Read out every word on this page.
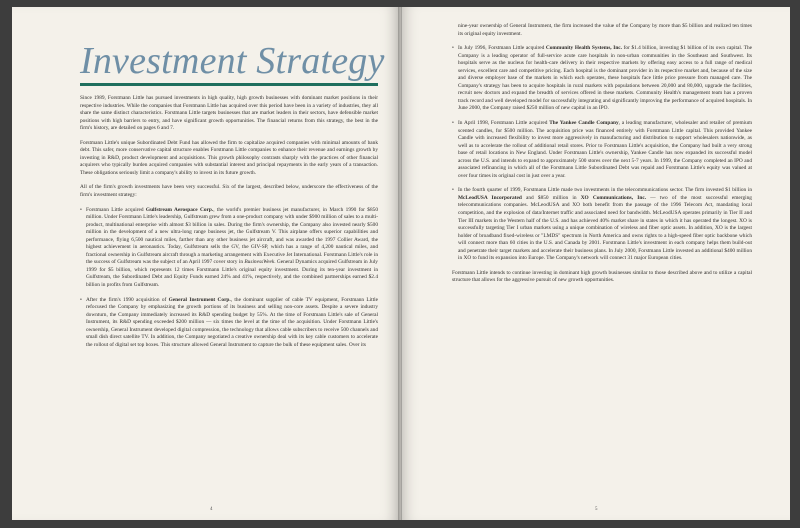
Investment Strategy

Since 1989, Forstmann Little has pursued investments in high quality, high growth businesses with dominant market positions in their respective industries. While the companies that Forstmann Little has acquired over this period have been in a variety of industries, they all share the same distinct characteristics. Forstmann Little targets businesses that are market leaders in their sectors, have defensible market positions with high barriers to entry, and have significant growth opportunities. The financial returns from this strategy, the best in the firm's history, are detailed on pages 6 and 7.

Forstmann Little's unique Subordinated Debt Fund has allowed the firm to capitalize acquired companies with minimal amounts of bank debt. This safer, more conservative capital structure enables Forstmann Little companies to enhance their revenue and earnings growth by investing in R&D, product development and acquisitions. This growth philosophy contrasts sharply with the practices of other financial acquirers who typically burden acquired companies with substantial interest and principal repayments in the early years of a transaction. These obligations seriously limit a company's ability to invest in its future growth.

All of the firm's growth investments have been very successful. Six of the largest, described below, underscore the effectiveness of the firm's investment strategy:

• Forstmann Little acquired Gulfstream Aerospace Corp., the world's premier business jet manufacturer, in March 1990 for $850 million. Under Forstmann Little's leadership, Gulfstream grew from a one-product company with under $900 million of sales to a multi-product, multinational enterprise with almost $3 billion in sales. During the firm's ownership, the Company also invested nearly $500 million in the development of a new ultra-long range business jet, the Gulfstream V. This airplane offers superior capabilities and performance, flying 6,500 nautical miles, farther than any other business jet aircraft, and was awarded the 1997 Collier Award, the highest achievement in aeronautics. Today, Gulfstream sells the GV, the GIV-SP, which has a range of 4,200 nautical miles, and fractional ownership in Gulfstream aircraft through a marketing arrangement with Executive Jet International. Forstmann Little's role in the success of Gulfstream was the subject of an April 1997 cover story in BusinessWeek. General Dynamics acquired Gulfstream in July 1999 for $5 billion, which represents 12 times Forstmann Little's original equity investment. During its ten-year investment in Gulfstream, the Subordinated Debt and Equity Funds earned 24% and 41%, respectively, and the combined partnerships earned $2.4 billion in profits from Gulfstream.
• After the firm's 1990 acquisition of General Instrument Corp., the dominant supplier of cable TV equipment, Forstmann Little refocused the Company by emphasizing the growth portions of its business and selling non-core assets. Despite a severe industry downturn, the Company immediately increased its R&D spending budget by 55%. At the time of Forstmann Little's sale of General Instrument, its R&D spending exceeded $200 million — six times the level at the time of the acquisition. Under Forstmann Little's ownership, General Instrument developed digital compression, the technology that allows cable subscribers to receive 500 channels and small dish direct satellite TV. In addition, the Company negotiated a creative ownership deal with its key cable customers to accelerate the rollout of digital set top boxes. This structure allowed General Instrument to capture the bulk of these equipment sales. Over its
4
nine-year ownership of General Instrument, the firm increased the value of the Company by more than $5 billion and realized ten times its original equity investment.
• In July 1996, Forstmann Little acquired Community Health Systems, Inc. for $1.4 billion, investing $1 billion of its own capital. The Company is a leading operator of full-service acute care hospitals in non-urban communities in the Southeast and Southwest. Its hospitals serve as the nucleus for health-care delivery in their respective markets by offering easy access to a full range of medical services, excellent care and competitive pricing. Each hospital is the dominant provider in its respective market and, because of the size and diverse employer base of the markets in which each operates, these hospitals face little price pressure from managed care. The Company's strategy has been to acquire hospitals in rural markets with populations between 20,000 and 80,000, upgrade the facilities, recruit new doctors and expand the breadth of services offered in these markets. Community Health's management team has a proven track record and well developed model for successfully integrating and significantly improving the performance of acquired hospitals. In June 2000, the Company raised $250 million of new capital in an IPO.
• In April 1998, Forstmann Little acquired The Yankee Candle Company, a leading manufacturer, wholesaler and retailer of premium scented candles, for $500 million. The acquisition price was financed entirely with Forstmann Little capital. This provided Yankee Candle with increased flexibility to invest more aggressively in manufacturing and distribution to support wholesalers nationwide, as well as to accelerate the rollout of additional retail stores. Prior to Forstmann Little's acquisition, the Company had built a very strong base of retail locations in New England. Under Forstmann Little's ownership, Yankee Candle has now expanded its successful model across the U.S. and intends to expand to approximately 500 stores over the next 5-7 years. In 1999, the Company completed an IPO and associated refinancing in which all of the Forstmann Little Subordinated Debt was repaid and Forstmann Little's equity was valued at over four times its original cost in just over a year.
• In the fourth quarter of 1999, Forstmann Little made two investments in the telecommunications sector. The firm invested $1 billion in McLeodUSA Incorporated and $850 million in XO Communications, Inc. — two of the most successful emerging telecommunications companies. McLeodUSA and XO both benefit from the passage of the 1996 Telecom Act, mandating local competition, and the explosion of data/Internet traffic and associated need for bandwidth. McLeodUSA operates primarily in Tier II and Tier III markets in the Western half of the U.S. and has achieved 40% market share in states in which it has operated the longest. XO is successfully targeting Tier I urban markets using a unique combination of wireless and fiber optic assets. In addition, XO is the largest holder of broadband fixed-wireless or "LMDS" spectrum in North America and owns rights to a high-speed fiber optic backbone which will connect more than 60 cities in the U.S. and Canada by 2001. Forstmann Little's investment in each company helps them build-out and penetrate their target markets and accelerate their business plans. In July 2000, Forstmann Little invested an additional $400 million in XO to fund its expansion into Europe. The Company's network will connect 31 major European cities.

Forstmann Little intends to continue investing in dominant high growth businesses similar to those described above and to utilize a capital structure that allows for the aggressive pursuit of new growth opportunities.

5
